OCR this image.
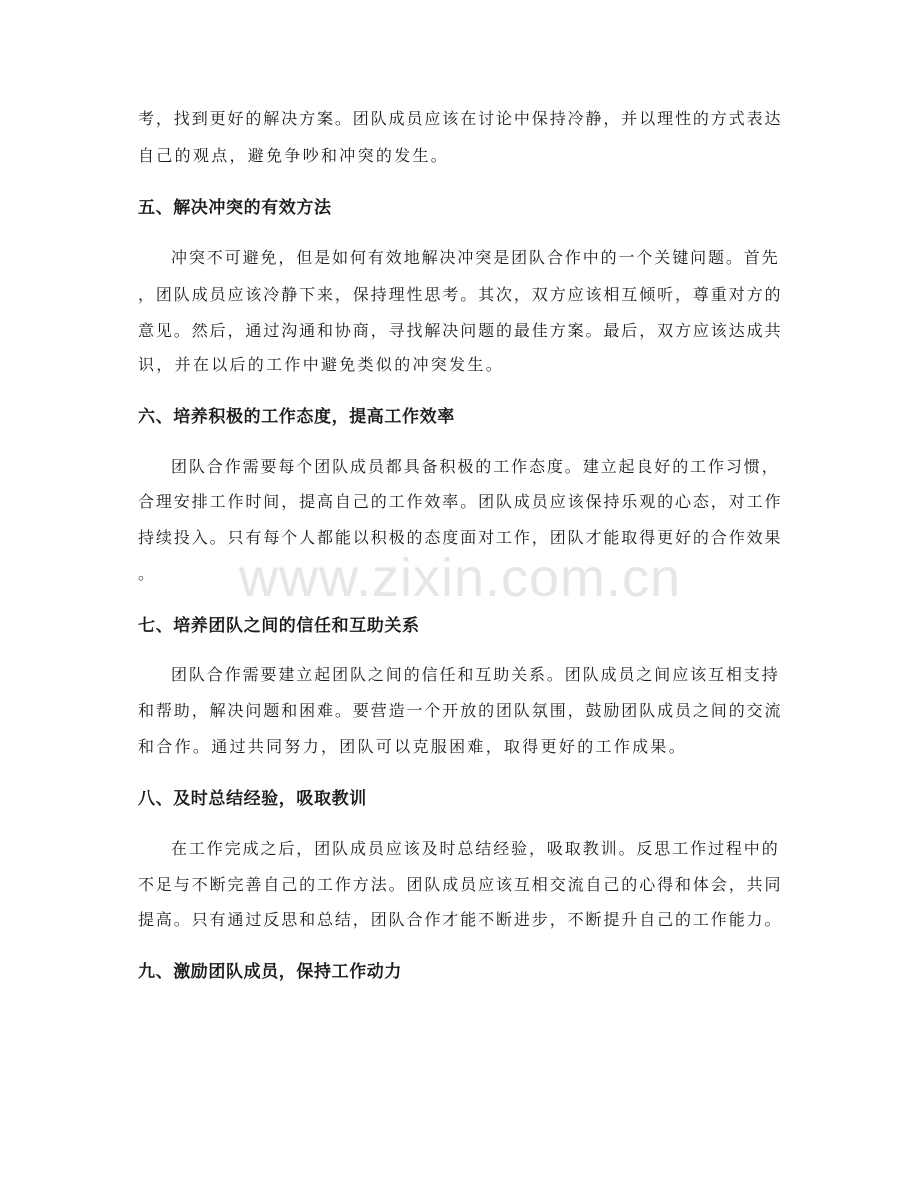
www.zixin.com.cn
考，找到更好的解决方案。团队成员应该在讨论中保持冷静，并以理性的方式表达
自己的观点，避免争吵和冲突的发生。
五、解决冲突的有效方法
冲突不可避免，但是如何有效地解决冲突是团队合作中的一个关键问题。首先
，团队成员应该冷静下来，保持理性思考。其次，双方应该相互倾听，尊重对方的
意见。然后，通过沟通和协商，寻找解决问题的最佳方案。最后，双方应该达成共
识，并在以后的工作中避免类似的冲突发生。
六、培养积极的工作态度，提高工作效率
团队合作需要每个团队成员都具备积极的工作态度。建立起良好的工作习惯，
合理安排工作时间，提高自己的工作效率。团队成员应该保持乐观的心态，对工作
持续投入。只有每个人都能以积极的态度面对工作，团队才能取得更好的合作效果
。
七、培养团队之间的信任和互助关系
团队合作需要建立起团队之间的信任和互助关系。团队成员之间应该互相支持
和帮助，解决问题和困难。要营造一个开放的团队氛围，鼓励团队成员之间的交流
和合作。通过共同努力，团队可以克服困难，取得更好的工作成果。
八、及时总结经验，吸取教训
在工作完成之后，团队成员应该及时总结经验，吸取教训。反思工作过程中的
不足与不断完善自己的工作方法。团队成员应该互相交流自己的心得和体会，共同
提高。只有通过反思和总结，团队合作才能不断进步，不断提升自己的工作能力。
九、激励团队成员，保持工作动力
